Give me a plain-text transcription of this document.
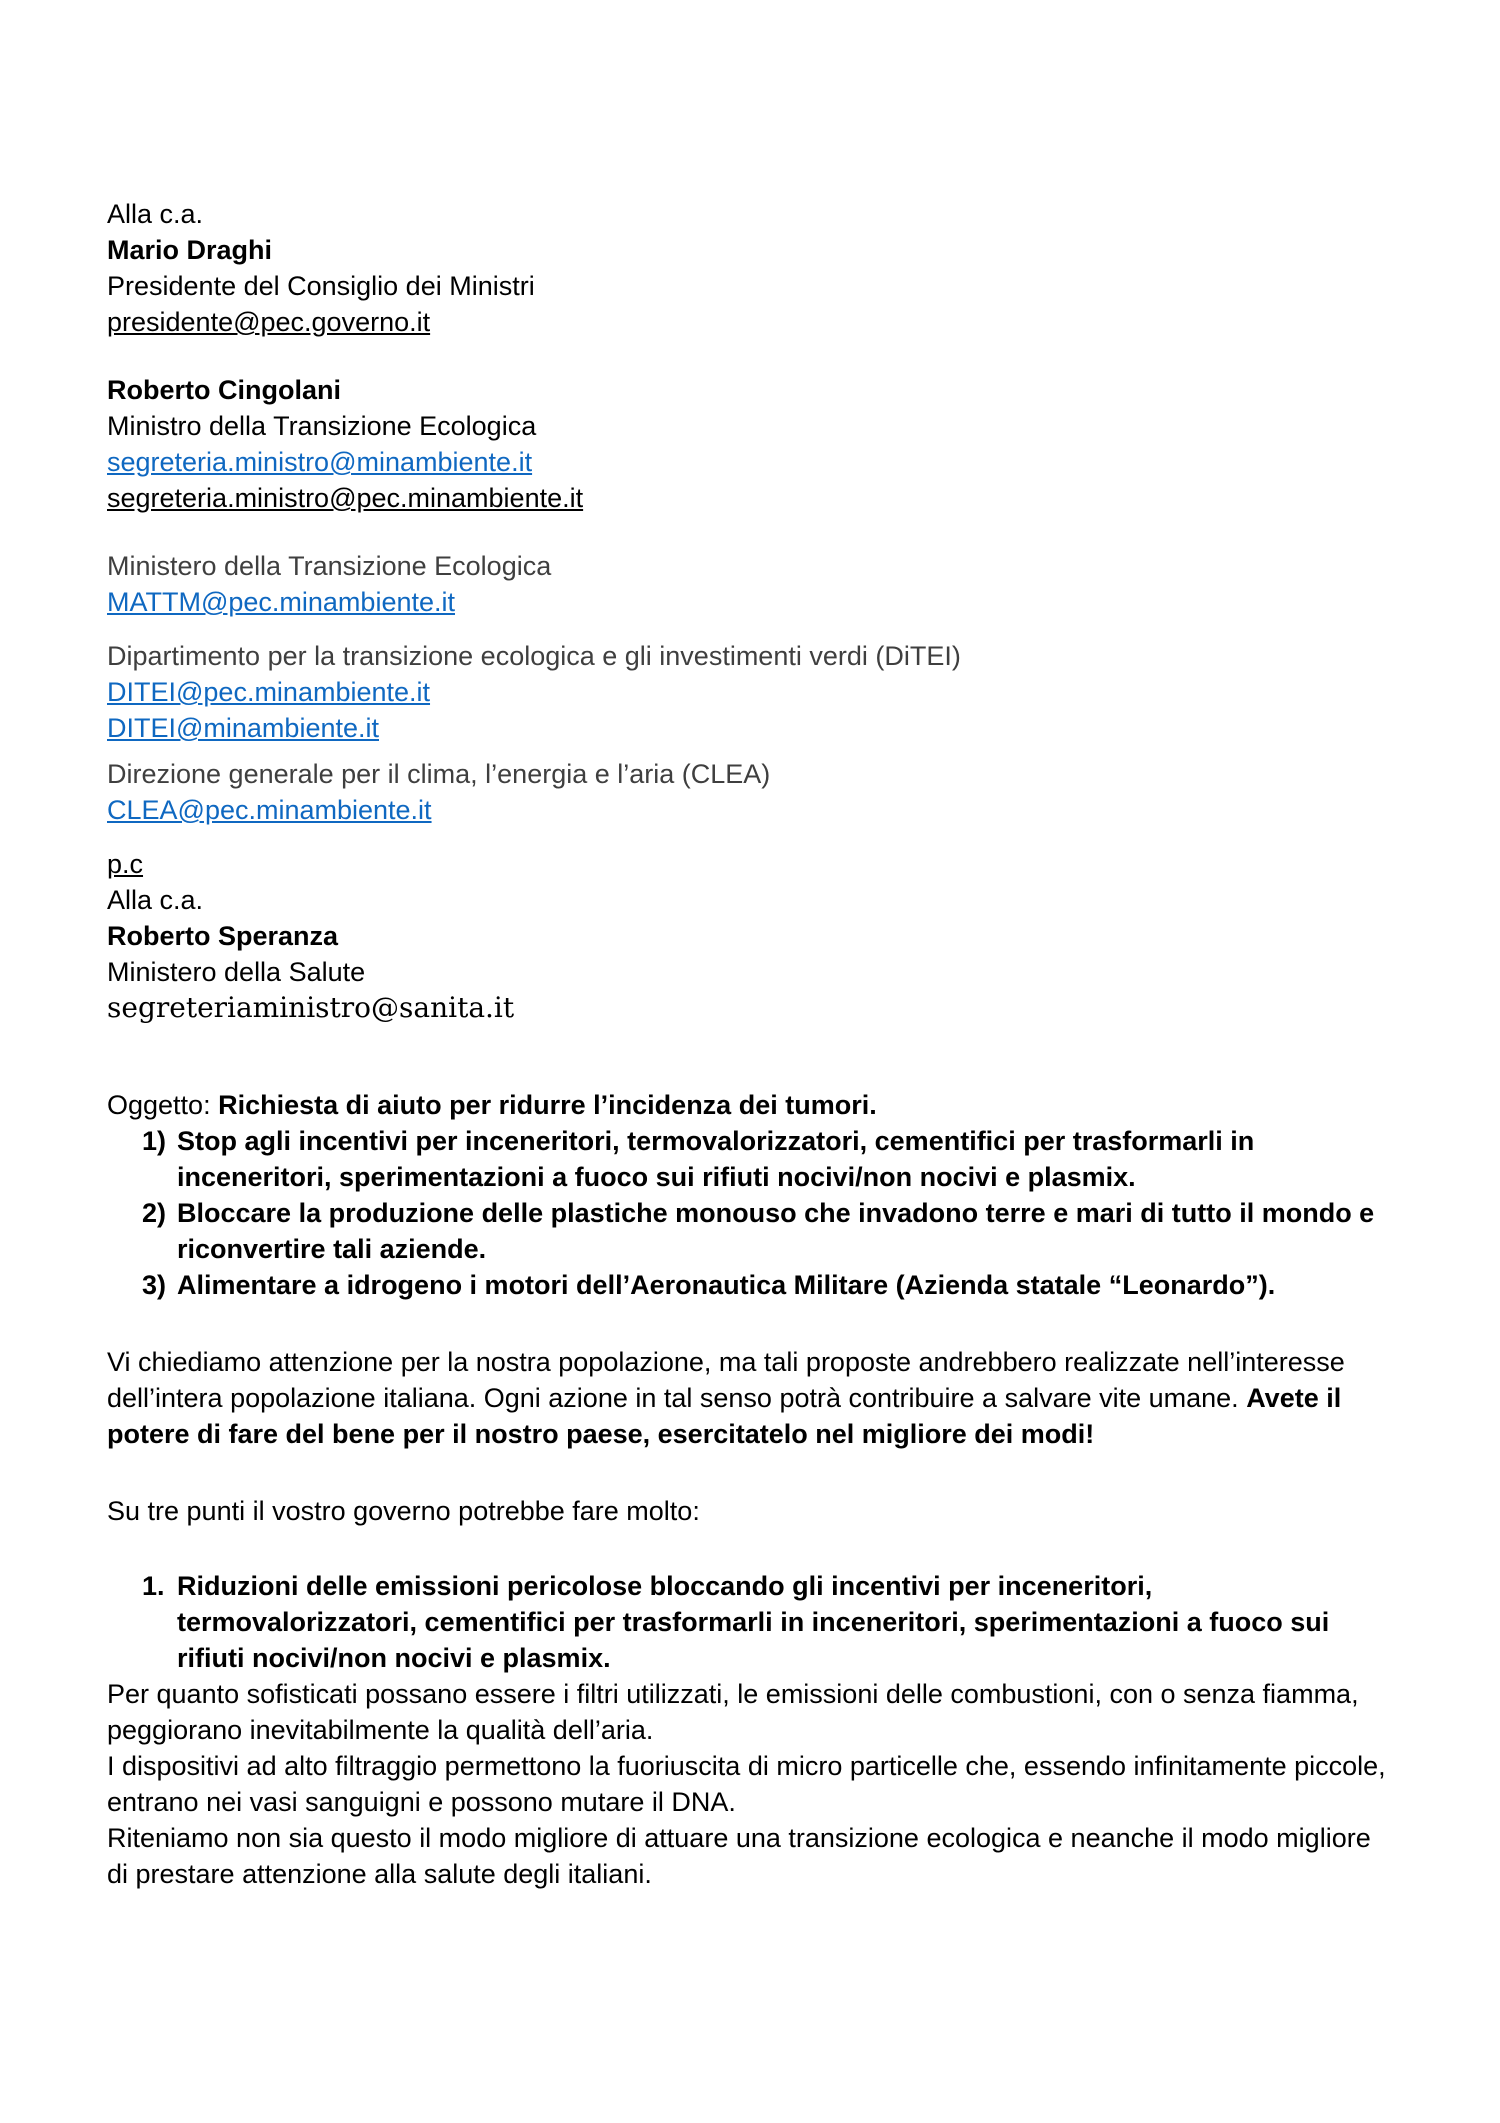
Alla c.a.

Mario Draghi

Presidente del Consiglio dei Ministri

presidente@pec.governo.it

Roberto Cingolani

Ministro della Transizione Ecologica

segreteria.ministro@minambiente.it

segreteria.ministro@pec.minambiente.it

Ministero della Transizione Ecologica

MATTM@pec.minambiente.it

Dipartimento per la transizione ecologica e gli investimenti verdi (DiTEI)

DITEI@pec.minambiente.it

DITEI@minambiente.it

Direzione generale per il clima, l’energia e l’aria (CLEA)

CLEA@pec.minambiente.it

p.c

Alla c.a.

Roberto Speranza

Ministero della Salute

segreteriaministro@sanita.it

Oggetto: Richiesta di aiuto per ridurre l’incidenza dei tumori.

1) Stop agli incentivi per inceneritori, termovalorizzatori, cementifici per trasformarli in inceneritori, sperimentazioni a fuoco sui rifiuti nocivi/non nocivi e plasmix.
2) Bloccare la produzione delle plastiche monouso che invadono terre e mari di tutto il mondo e riconvertire tali aziende.
3) Alimentare a idrogeno i motori dell’Aeronautica Militare (Azienda statale “Leonardo”).

Vi chiediamo attenzione per la nostra popolazione, ma tali proposte andrebbero realizzate nell’interesse dell’intera popolazione italiana. Ogni azione in tal senso potrà contribuire a salvare vite umane. Avete il potere di fare del bene per il nostro paese, esercitatelo nel migliore dei modi!

Su tre punti il vostro governo potrebbe fare molto:

1. Riduzioni delle emissioni pericolose bloccando gli incentivi per inceneritori, termovalorizzatori, cementifici per trasformarli in inceneritori, sperimentazioni a fuoco sui rifiuti nocivi/non nocivi e plasmix.

Per quanto sofisticati possano essere i filtri utilizzati, le emissioni delle combustioni, con o senza fiamma, peggiorano inevitabilmente la qualità dell’aria.

I dispositivi ad alto filtraggio permettono la fuoriuscita di micro particelle che, essendo infinitamente piccole, entrano nei vasi sanguigni e possono mutare il DNA.

Riteniamo non sia questo il modo migliore di attuare una transizione ecologica e neanche il modo migliore di prestare attenzione alla salute degli italiani.
